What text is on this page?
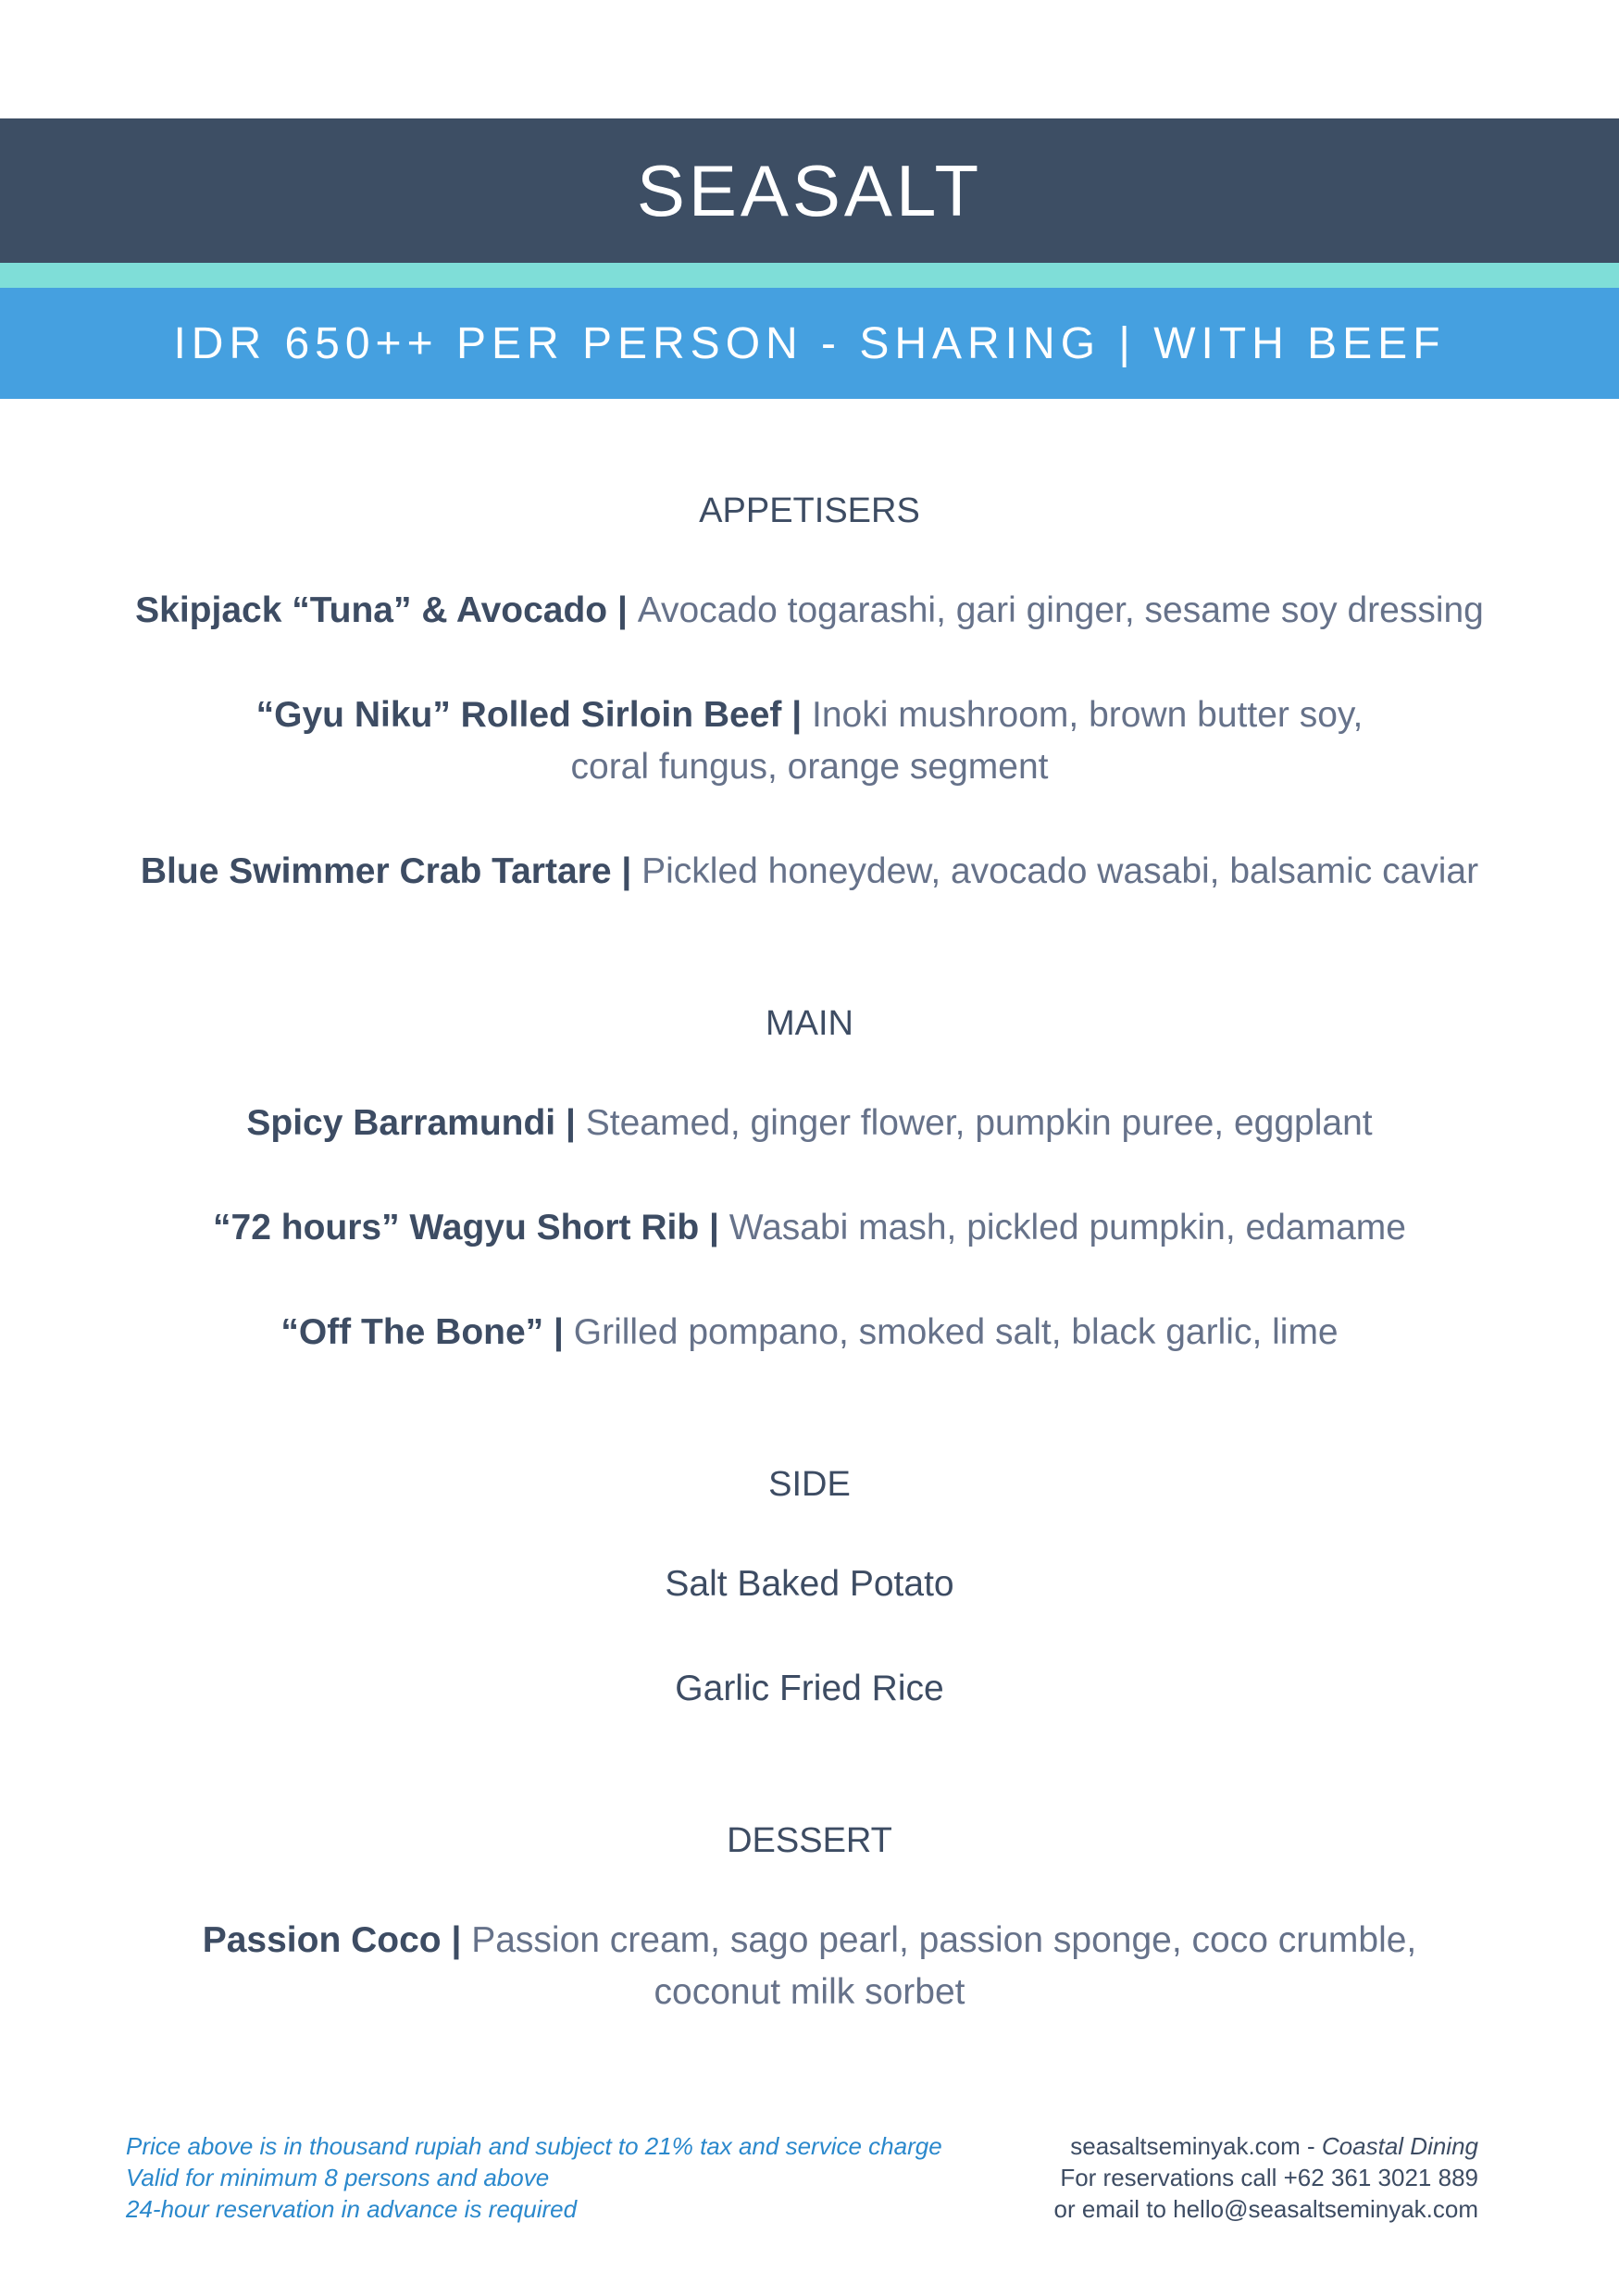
SEASALT
IDR 650++ PER PERSON - SHARING | WITH BEEF

APPETISERS

Skipjack “Tuna” & Avocado | Avocado togarashi, gari ginger, sesame soy dressing

“Gyu Niku” Rolled Sirloin Beef | Inoki mushroom, brown butter soy,
coral fungus, orange segment

Blue Swimmer Crab Tartare | Pickled honeydew, avocado wasabi, balsamic caviar

MAIN

Spicy Barramundi | Steamed, ginger flower, pumpkin puree, eggplant

“72 hours” Wagyu Short Rib | Wasabi mash, pickled pumpkin, edamame

“Off The Bone” | Grilled pompano, smoked salt, black garlic, lime

SIDE

Salt Baked Potato

Garlic Fried Rice

DESSERT

Passion Coco | Passion cream, sago pearl, passion sponge, coco crumble,
coconut milk sorbet

Price above is in thousand rupiah and subject to 21% tax and service charge
Valid for minimum 8 persons and above
24-hour reservation in advance is required
seasaltseminyak.com - Coastal Dining
For reservations call +62 361 3021 889
or email to hello@seasaltseminyak.com
